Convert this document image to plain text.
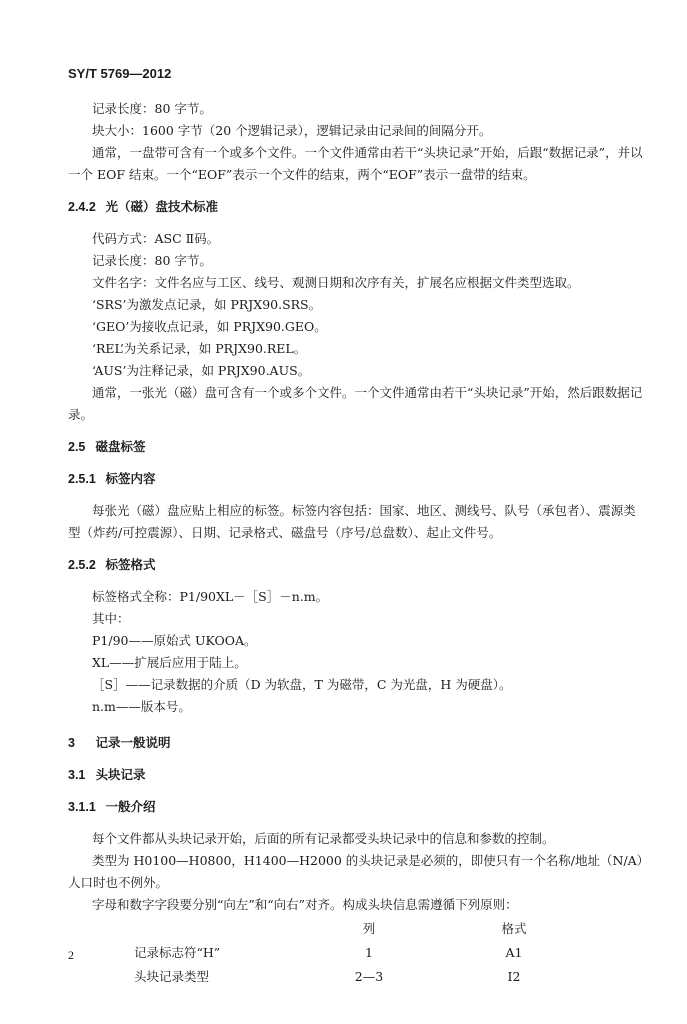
SY/T 5769—2012

记录长度：80 字节。

块大小：1600 字节（20 个逻辑记录），逻辑记录由记录间的间隔分开。

通常，一盘带可含有一个或多个文件。一个文件通常由若干“头块记录”开始，后跟“数据记录”，并以一个 EOF 结束。一个“EOF”表示一个文件的结束，两个“EOF”表示一盘带的结束。

2.4.2 光（磁）盘技术标准

代码方式：ASC Ⅱ码。

记录长度：80 字节。

文件名字：文件名应与工区、线号、观测日期和次序有关，扩展名应根据文件类型选取。

‘SRS’为激发点记录，如 PRJX90.SRS。

‘GEO’为接收点记录，如 PRJX90.GEO。

‘REL’为关系记录，如 PRJX90.REL。

‘AUS’为注释记录，如 PRJX90.AUS。

通常，一张光（磁）盘可含有一个或多个文件。一个文件通常由若干“头块记录”开始，然后跟数据记录。

2.5 磁盘标签
2.5.1 标签内容

每张光（磁）盘应贴上相应的标签。标签内容包括：国家、地区、测线号、队号（承包者）、震源类型（炸药/可控震源）、日期、记录格式、磁盘号（序号/总盘数）、起止文件号。

2.5.2 标签格式

标签格式全称：P1/90XL－［S］－n.m。

其中：

P1/90——原始式 UKOOA。

XL——扩展后应用于陆上。

［S］——记录数据的介质（D 为软盘，T 为磁带，C 为光盘，H 为硬盘）。

n.m——版本号。

3 记录一般说明
3.1 头块记录
3.1.1 一般介绍

每个文件都从头块记录开始，后面的所有记录都受头块记录中的信息和参数的控制。

类型为 H0100—H0800，H1400—H2000 的头块记录是必须的，即使只有一个名称/地址（N/A）人口时也不例外。

字母和数字字段要分别“向左”和“向右”对齐。构成头块信息需遵循下列原则：

	列	格式
记录标志符“H”	1	A1
头块记录类型	2—3	I2
2
